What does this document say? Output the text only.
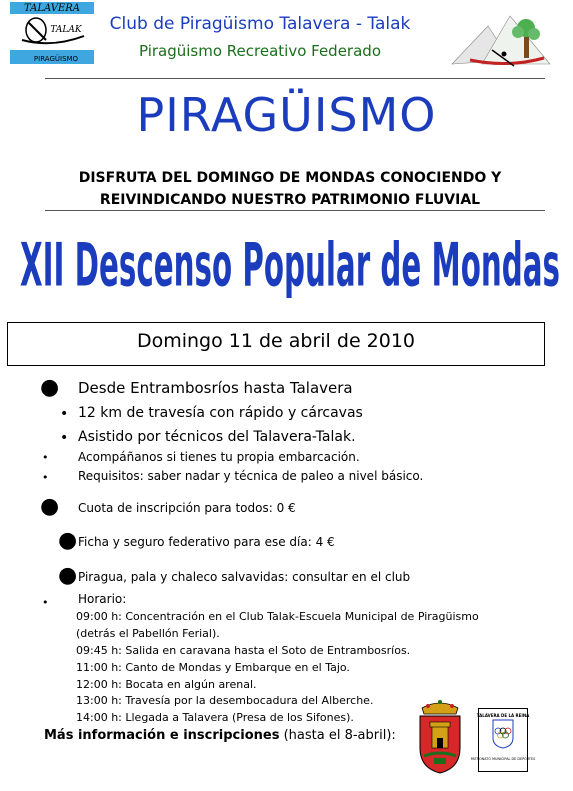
TALAVERA
TALAK
PIRAGÜISMO
Club de Piragüismo Talavera - Talak
Piragüismo Recreativo Federado
PIRAGÜISMO
DISFRUTA DEL DOMINGO DE MONDAS CONOCIENDO Y
REIVINDICANDO NUESTRO PATRIMONIO FLUVIAL
XII Descenso Popular de Mondas
Domingo 11 de abril de 2010
● Desde Entrambosríos hasta Talavera
• 12 km de travesía con rápido y cárcavas
• Asistido por técnicos del Talavera-Talak.
• Acompáñanos si tienes tu propia embarcación.
• Requisitos: saber nadar y técnica de paleo a nivel básico.
● Cuota de inscripción para todos: 0 €
● Ficha y seguro federativo para ese día: 4 €
● Piragua, pala y chaleco salvavidas: consultar en el club
• Horario:
09:00 h: Concentración en el Club Talak-Escuela Municipal de Piragüismo
(detrás el Pabellón Ferial).
09:45 h: Salida en caravana hasta el Soto de Entrambosríos.
11:00 h: Canto de Mondas y Embarque en el Tajo.
12:00 h: Bocata en algún arenal.
13:00 h: Travesía por la desembocadura del Alberche.
14:00 h: Llegada a Talavera (Presa de los Sifones).
Más información e inscripciones (hasta el 8-abril):
TALAVERA DE LA REINA
PATRONATO MUNICIPAL DE DEPORTES
